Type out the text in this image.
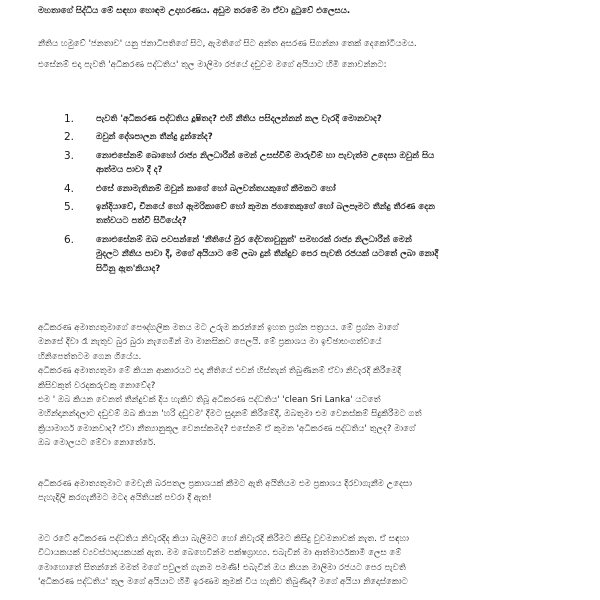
මහතාගේ සිද්ධිය මේ සඳහා හොඳම උදාහරණය. අඩුම තරමේ මා ඒවා දුටුවේ එලෙසය.

නීතිය හමුවේ 'ජනතාව' යනු ජනාධිපතිගේ සිට, ඇමතිගේ සිට අන්ත අසරණ සිගන්නා තෙක් දෙකෝටියමය.
එසේනම් එදා පැවති 'අධිකරණ පද්ධතිය' තුල මාලිමා රජයේ දඩුවම මගේ අයියාට හිමි නොවන්නට:
1.	පැවති 'අධිකරණ පද්ධතිය දූෂිතද? එහි නීතිය පසිදලන්නන් කල වැරදි මොනවාද?
2.	ඔවුන් දේශපාලන තීන්දු දුන්නේද?
3.	නොඑසේනම් බොහෝ රාජ්‍ය නිලධාරීන් මෙන් උසස්වීම් මාරුවීම් හා පැවැත්ම උදෙසා ඔවුන් සිය
ආත්මය පාවා දී ද?
4.	එසේ නොමැතිනම් ඔවුන් කාගේ හෝ බලවන්තයකුගේ කීමකට හෝ
5.	ඉන්දියාවේ, චීනයේ හෝ ඇමරිකාවේ හෝ කුමන ජගතෙකුගේ හෝ බලපෑමට තීන්දු තීරණ දෙන
තත්වයට පත්වී සිටියේද?
6.	නොඑසේනම් ඔබ පවසන්නේ 'නීතියේ මුර දේවතාවුනුත්' සමහරක් රාජ්‍ය නිලධාරීන් මෙන්
මුදලට නීතිය පාවා දී, මගේ අයියාට මේ ලබා දුන් තීන්දුව පෙර පැවති රජයක් යටතේ ලබා නොදී
සිටිනු ඇත'කියාද?
අධිකරණ අමාත්‍යතුමාගේ පෞද්ගලික මතය මට උරුම කරන්නේ ඉහත ප්‍රශ්න පත්‍රයය. මේ ප්‍රශ්න මාගේ
මනසේ දිවා රෑ නැතුව බුර බුරා නැගෙමින් මා මානසිකව පෙලයි. මේ ප්‍රකාශය මා ඉච්ඡාභංගත්වයේ
හිනිපෙත්තටම ගෙන ගියේය.
අධිකරණ අමාත්‍යතුමා මේ කියන ආකාරයට එදා නීතියේ එවන් හිස්තැන් තිබුණිනම් ඒවා නිවැරදි කිරීමෙදී
කිසිවකුත් වරදකරුවකු නොවේද?
එම ' ඔබ කියන වෙනත් තීන්දුවක් දිය හැකිව තිබූ අධිකරණ පද්ධතිය' 'clean Sri Lanka' යටතේ
මහින්දානන්දලාට දඩුවම් ඔබ කියන 'හරි දඩුවම' දීමට සුදානම් කිරීමේදී, ඔබතුමා එම වෙනස්කම් සිදුකිරීමට ගත්
ක්‍රියාමාර්ග මොනවාද? ඒවා නීත්‍යානුකූල වෙනස්කමද? එසේනම් ඒ කුමන 'අධිකරණ පද්ධතිය' තුලද? මාගේ
ඔබ මොලයට මේවා නොතේරේ.
අධිකරණ අමාත්‍යතුමාට මෙවැනි බරපතල ප්‍රකාශයක් කීමට ඇති අයිතියම එම ප්‍රකාශය දිරවාගැනීම උදෙසා
පැහැදිලි කරගැනීමට මටද අයිතියක් පවරා දී ඇත!
මට රටේ අධිකරණ පද්ධතිය නිවැරදිද කියා බැලීමට හෝ නිවැරදි කිරීමට කිසිදු වුවමනාවක් නැත. ඒ සඳහා
විධායකයක් ව්‍යවස්ථාදායකයක් ඇත. මම බෙහෙවින්ම පක්ෂග්‍රාහ්‍ය. එබැවින් මා ආත්මාර්ථකාමී ලෙස මේ
මොහොතේ සිතන්නේ මමත් මගේ පවුලත් ගැනම පමණි! එබැවින් ඔය කියන මාලිමා රජයට පෙර පැවති
'අධිකරණ පද්ධතිය' තුල මගේ අයියාට හිමි ඉරණම කුමක් විය හැකිව තිබුණිද? මගේ අයියා නිදොස්කොට
